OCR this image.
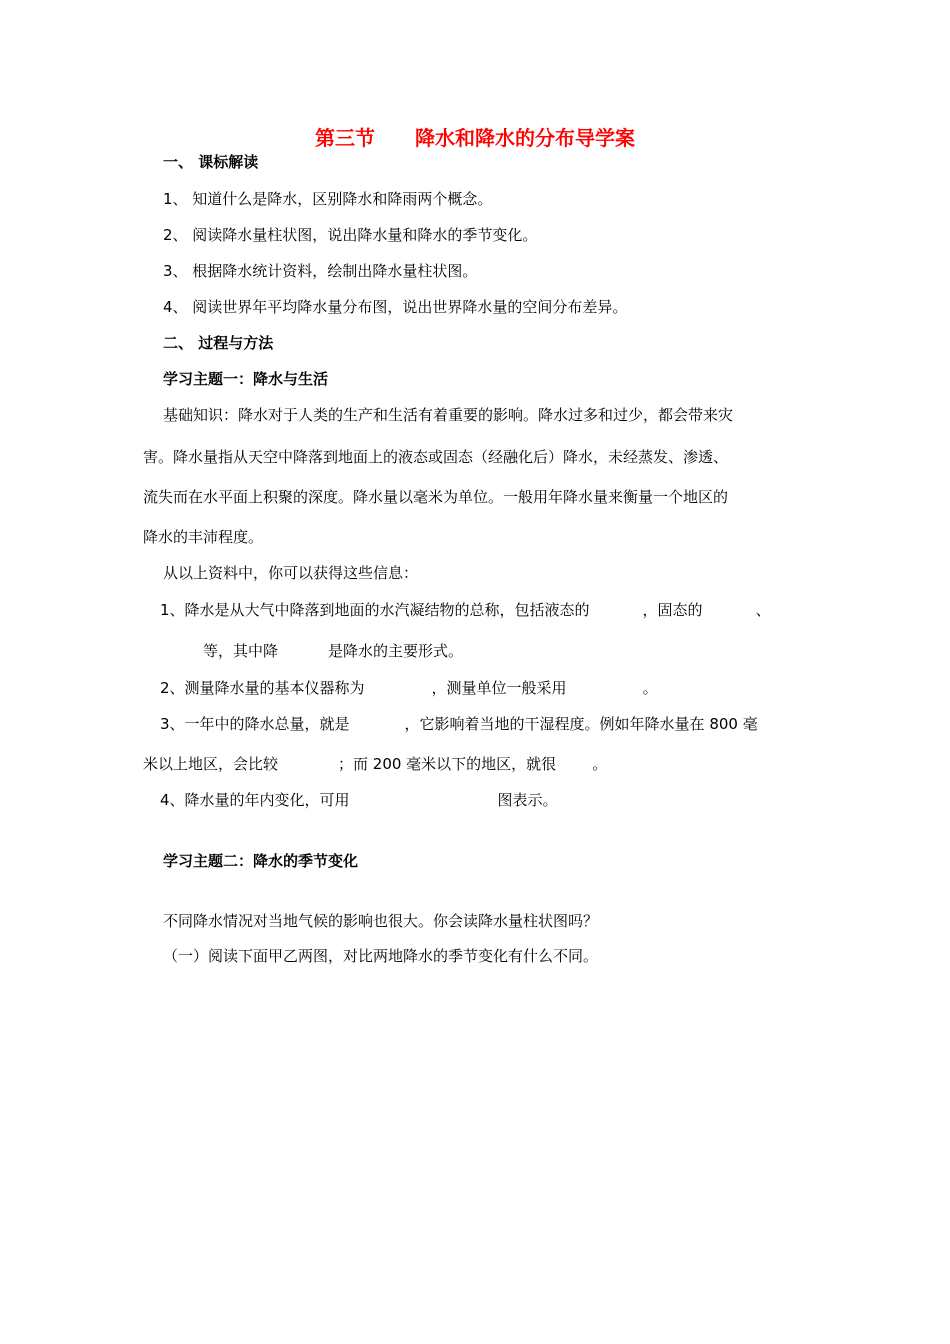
第三节 降水和降水的分布导学案
一、 课标解读
1、 知道什么是降水，区别降水和降雨两个概念。
2、 阅读降水量柱状图，说出降水量和降水的季节变化。
3、 根据降水统计资料，绘制出降水量柱状图。
4、 阅读世界年平均降水量分布图，说出世界降水量的空间分布差异。
二、 过程与方法
学习主题一：降水与生活
基础知识：降水对于人类的生产和生活有着重要的影响。降水过多和过少，都会带来灾
害。降水量指从天空中降落到地面上的液态或固态（经融化后）降水，未经蒸发、渗透、
流失而在水平面上积聚的深度。降水量以毫米为单位。一般用年降水量来衡量一个地区的
降水的丰沛程度。
从以上资料中，你可以获得这些信息：
1、降水是从大气中降落到地面的水汽凝结物的总称，包括液态的	，固态的	、
等，其中降	是降水的主要形式。
2、测量降水量的基本仪器称为	，测量单位一般采用	。
3、一年中的降水总量，就是	，它影响着当地的干湿程度。例如年降水量在 800 毫
米以上地区，会比较	；而 200 毫米以下的地区，就很 。
4、降水量的年内变化，可用	图表示。
学习主题二：降水的季节变化
不同降水情况对当地气候的影响也很大。你会读降水量柱状图吗？
（一）阅读下面甲乙两图，对比两地降水的季节变化有什么不同。
